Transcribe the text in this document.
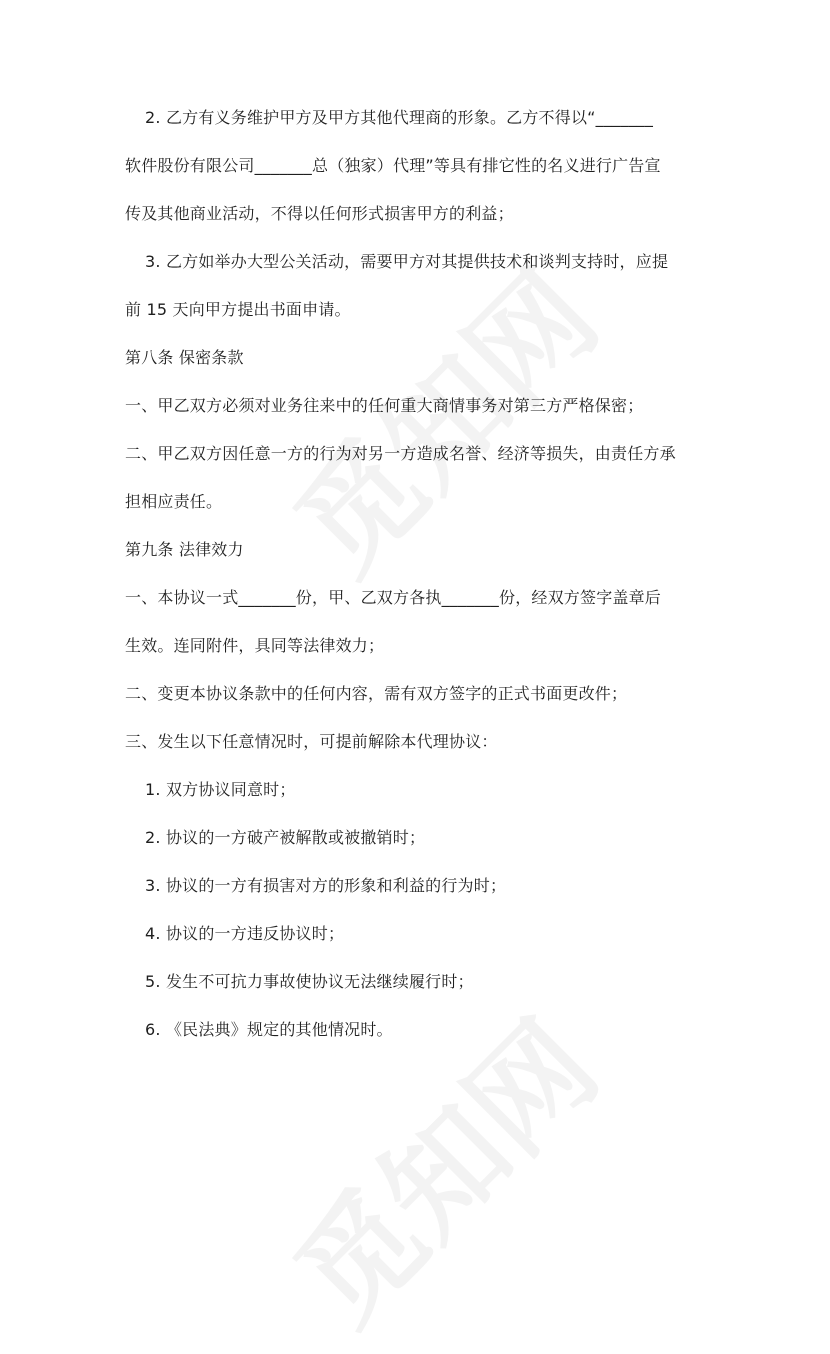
2. 乙方有义务维护甲方及甲方其他代理商的形象。乙方不得以“_______
软件股份有限公司_______总（独家）代理”等具有排它性的名义进行广告宣
传及其他商业活动，不得以任何形式损害甲方的利益；
3. 乙方如举办大型公关活动，需要甲方对其提供技术和谈判支持时，应提
前 15 天向甲方提出书面申请。
第八条 保密条款
一、甲乙双方必须对业务往来中的任何重大商情事务对第三方严格保密；
二、甲乙双方因任意一方的行为对另一方造成名誉、经济等损失，由责任方承
担相应责任。
第九条 法律效力
一、本协议一式_______份，甲、乙双方各执_______份，经双方签字盖章后
生效。连同附件，具同等法律效力；
二、变更本协议条款中的任何内容，需有双方签字的正式书面更改件；
三、发生以下任意情况时，可提前解除本代理协议：
1. 双方协议同意时；
2. 协议的一方破产被解散或被撤销时；
3. 协议的一方有损害对方的形象和利益的行为时；
4. 协议的一方违反协议时；
5. 发生不可抗力事故使协议无法继续履行时；
6. 《民法典》规定的其他情况时。
